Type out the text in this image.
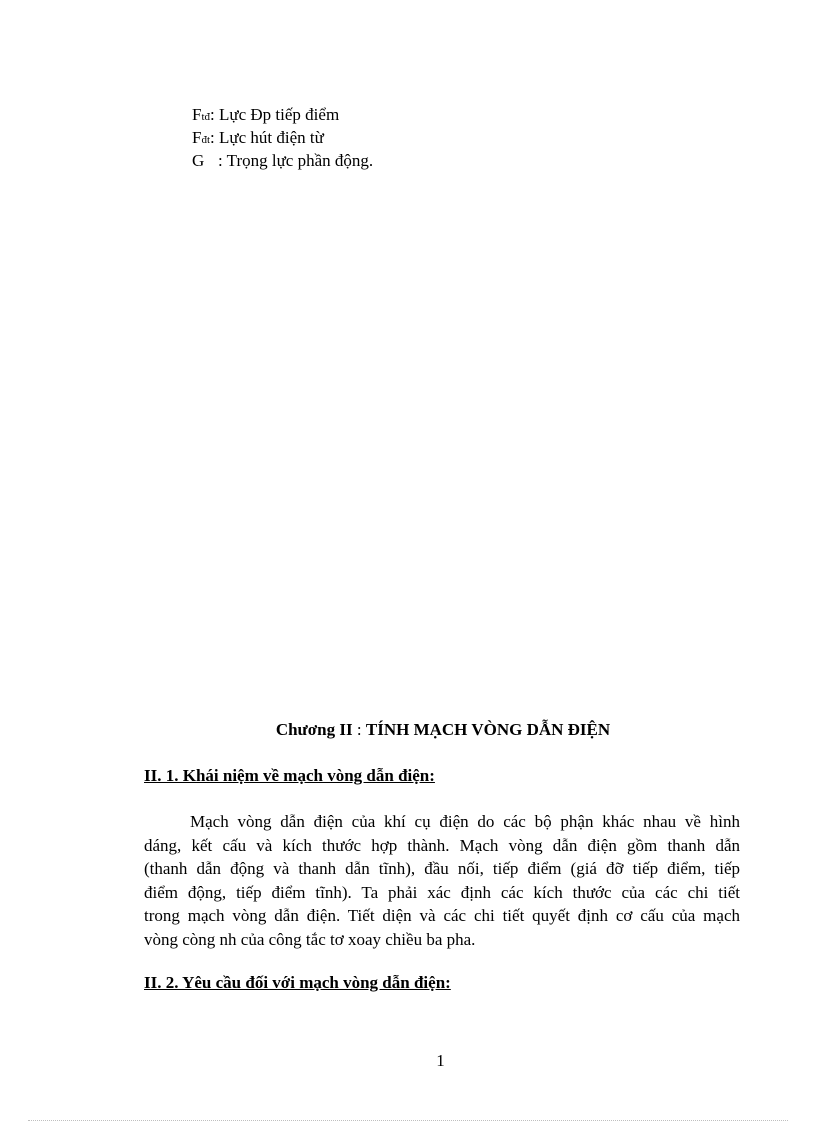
Ftđ: Lực Đp tiếp điểm
Fđt: Lực hút điện từ
G : Trọng lực phần động.
Chương II : TÍNH MẠCH VÒNG DẪN ĐIỆN
II. 1. Khái niệm về mạch vòng dẫn điện:
Mạch vòng dẫn điện của khí cụ điện do các bộ phận khác nhau về hình
dáng, kết cấu và kích thước hợp thành. Mạch vòng dẫn điện gồm thanh dẫn
(thanh dẫn động và thanh dẫn tĩnh), đầu nối, tiếp điểm (giá đỡ tiếp điểm, tiếp
điểm động, tiếp điểm tĩnh). Ta phải xác định các kích thước của các chi tiết
trong mạch vòng dẫn điện. Tiết diện và các chi tiết quyết định cơ cấu của mạch
vòng còng nh của công tắc tơ xoay chiều ba pha.
II. 2. Yêu cầu đối với mạch vòng dẫn điện:
1
